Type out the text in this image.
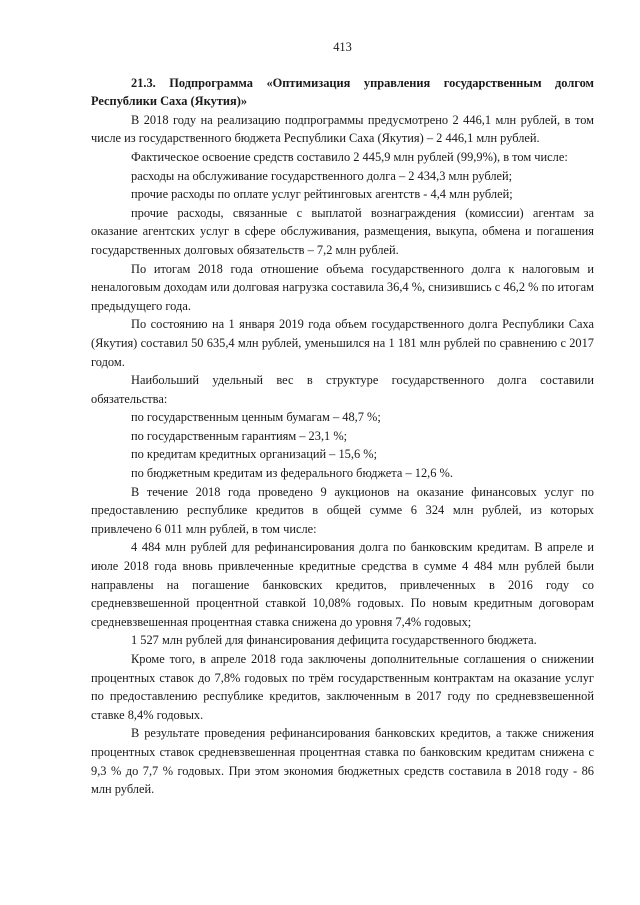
413

21.3. Подпрограмма «Оптимизация управления государственным долгом Республики Саха (Якутия)»

В 2018 году на реализацию подпрограммы предусмотрено 2 446,1 млн рублей, в том числе из государственного бюджета Республики Саха (Якутия) – 2 446,1 млн рублей.

Фактическое освоение средств составило 2 445,9 млн рублей (99,9%), в том числе:

расходы на обслуживание государственного долга – 2 434,3 млн рублей;

прочие расходы по оплате услуг рейтинговых агентств - 4,4 млн рублей;

прочие расходы, связанные с выплатой вознаграждения (комиссии) агентам за оказание агентских услуг в сфере обслуживания, размещения, выкупа, обмена и погашения государственных долговых обязательств – 7,2 млн рублей.

По итогам 2018 года отношение объема государственного долга к налоговым и неналоговым доходам или долговая нагрузка составила 36,4 %, снизившись с 46,2 % по итогам предыдущего года.

По состоянию на 1 января 2019 года объем государственного долга Республики Саха (Якутия) составил 50 635,4 млн рублей, уменьшился на 1 181 млн рублей по сравнению с 2017 годом.

Наибольший удельный вес в структуре государственного долга составили обязательства:

по государственным ценным бумагам – 48,7 %;

по государственным гарантиям – 23,1 %;

по кредитам кредитных организаций – 15,6 %;

по бюджетным кредитам из федерального бюджета – 12,6 %.

В течение 2018 года проведено 9 аукционов на оказание финансовых услуг по предоставлению республике кредитов в общей сумме 6 324 млн рублей, из которых привлечено 6 011 млн рублей, в том числе:

4 484 млн рублей для рефинансирования долга по банковским кредитам. В апреле и июле 2018 года вновь привлеченные кредитные средства в сумме 4 484 млн рублей были направлены на погашение банковских кредитов, привлеченных в 2016 году со средневзвешенной процентной ставкой 10,08% годовых. По новым кредитным договорам средневзвешенная процентная ставка снижена до уровня 7,4% годовых;

1 527 млн рублей для финансирования дефицита государственного бюджета.

Кроме того, в апреле 2018 года заключены дополнительные соглашения о снижении процентных ставок до 7,8% годовых по трём государственным контрактам на оказание услуг по предоставлению республике кредитов, заключенным в 2017 году по средневзвешенной ставке 8,4% годовых.

В результате проведения рефинансирования банковских кредитов, а также снижения процентных ставок средневзвешенная процентная ставка по банковским кредитам снижена с 9,3 % до 7,7 % годовых. При этом экономия бюджетных средств составила в 2018 году - 86 млн рублей.
